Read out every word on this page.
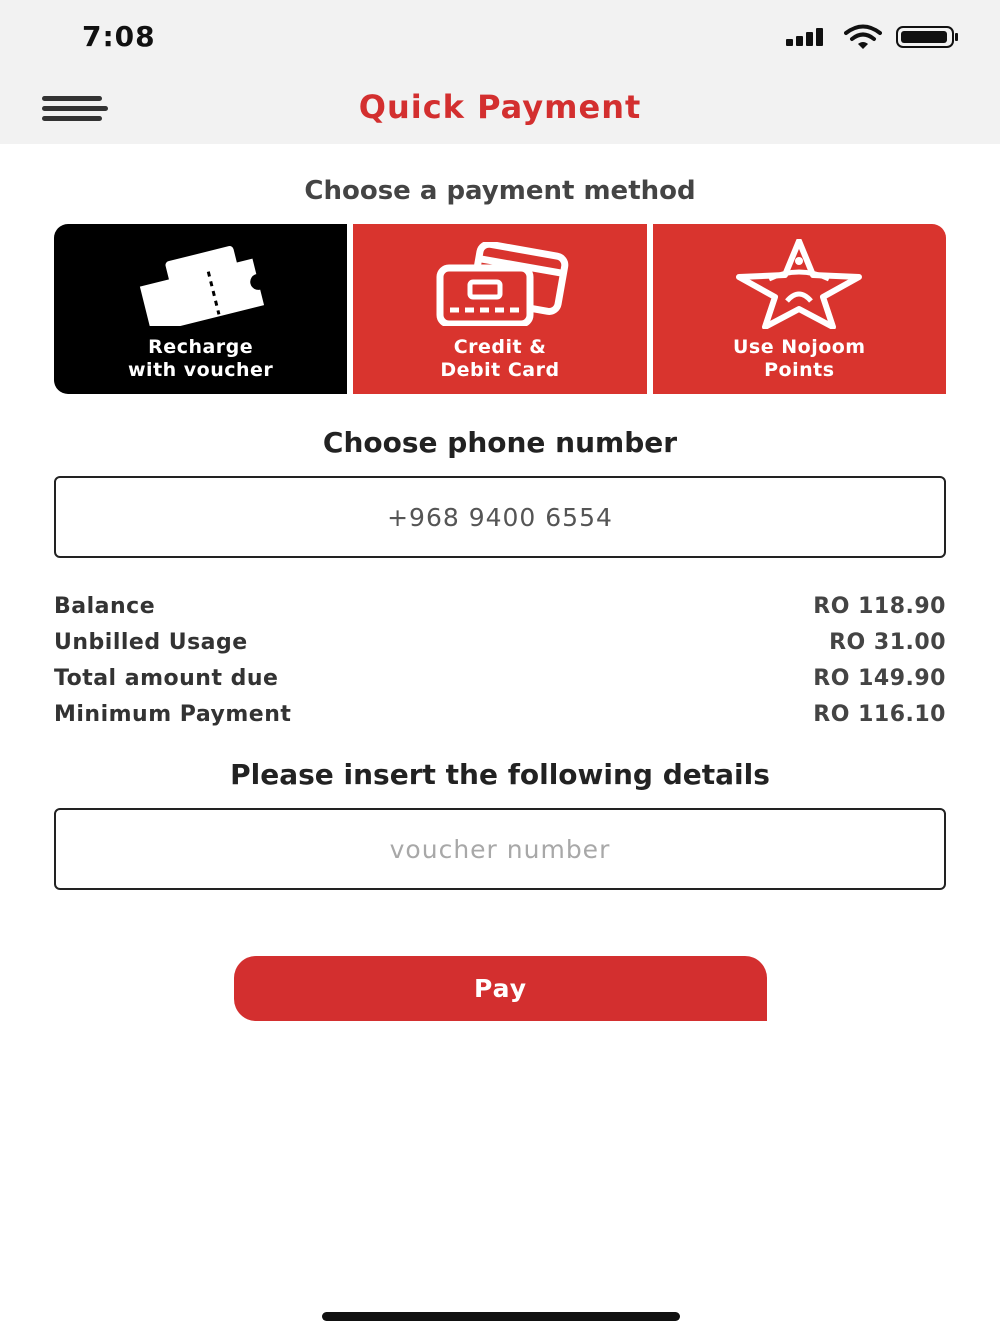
7:08
Quick Payment
Choose a payment method
Recharge
with voucher
Credit &
Debit Card
Use Nojoom
Points
Choose phone number
+968 9400 6554
Balance	RO 118.90
Unbilled Usage	RO 31.00
Total amount due	RO 149.90
Minimum Payment	RO 116.10
Please insert the following details
voucher number
Pay
